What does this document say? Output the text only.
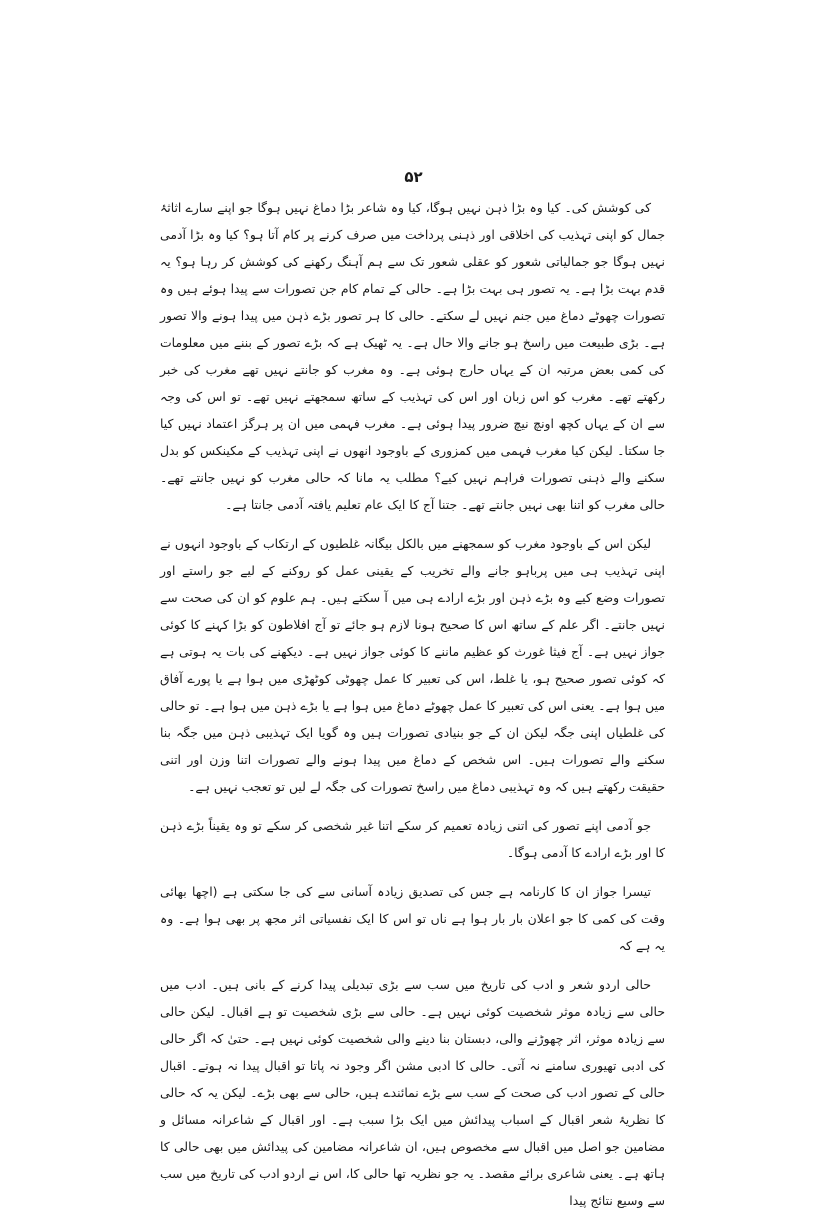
۵۲

کی کوشش کی۔ کیا وہ بڑا ذہن نہیں ہوگا، کیا وہ شاعر بڑا دماغ نہیں ہوگا جو اپنے سارے اثاثۂ جمال کو اپنی تہذیب کی اخلاقی اور ذہنی پرداخت میں صرف کرنے پر کام آتا ہو؟ کیا وہ بڑا آدمی نہیں ہوگا جو جمالیاتی شعور کو عقلی شعور تک سے ہم آہنگ رکھنے کی کوشش کر رہا ہو؟ یہ قدم بہت بڑا ہے۔ یہ تصور ہی بہت بڑا ہے۔ حالی کے تمام کام جن تصورات سے پیدا ہوئے ہیں وہ تصورات چھوٹے دماغ میں جنم نہیں لے سکتے۔ حالی کا ہر تصور بڑے ذہن میں پیدا ہونے والا تصور ہے۔ بڑی طبیعت میں راسخ ہو جانے والا حال ہے۔ یہ ٹھیک ہے کہ بڑے تصور کے بننے میں معلومات کی کمی بعض مرتبہ ان کے یہاں حارج ہوئی ہے۔ وہ مغرب کو جانتے نہیں تھے مغرب کی خبر رکھتے تھے۔ مغرب کو اس زبان اور اس کی تہذیب کے ساتھ سمجھتے نہیں تھے۔ تو اس کی وجہ سے ان کے یہاں کچھ اونچ نیچ ضرور پیدا ہوئی ہے۔ مغرب فہمی میں ان پر ہرگز اعتماد نہیں کیا جا سکتا۔ لیکن کیا مغرب فہمی میں کمزوری کے باوجود انھوں نے اپنی تہذیب کے مکینکس کو بدل سکنے والے ذہنی تصورات فراہم نہیں کیے؟ مطلب یہ مانا کہ حالی مغرب کو نہیں جانتے تھے۔ حالی مغرب کو اتنا بھی نہیں جانتے تھے۔ جتنا آج کا ایک عام تعلیم یافتہ آدمی جانتا ہے۔

لیکن اس کے باوجود مغرب کو سمجھنے میں بالکل بیگانہ غلطیوں کے ارتکاب کے باوجود انہوں نے اپنی تہذیب ہی میں پرباہو جانے والے تخریب کے یقینی عمل کو روکنے کے لیے جو راستے اور تصورات وضع کیے وہ بڑے ذہن اور بڑے ارادے ہی میں آ سکتے ہیں۔ ہم علوم کو ان کی صحت سے نہیں جانتے۔ اگر علم کے ساتھ اس کا صحیح ہونا لازم ہو جائے تو آج افلاطون کو بڑا کہنے کا کوئی جواز نہیں ہے۔ آج فیثا غورث کو عظیم ماننے کا کوئی جواز نہیں ہے۔ دیکھنے کی بات یہ ہوتی ہے کہ کوئی تصور صحیح ہو، یا غلط، اس کی تعبیر کا عمل چھوٹی کوٹھڑی میں ہوا ہے یا پورے آفاق میں ہوا ہے۔ یعنی اس کی تعبیر کا عمل چھوٹے دماغ میں ہوا ہے یا بڑے ذہن میں ہوا ہے۔ تو حالی کی غلطیاں اپنی جگہ لیکن ان کے جو بنیادی تصورات ہیں وہ گویا ایک تہذیبی ذہن میں جگہ بنا سکنے والے تصورات ہیں۔ اس شخص کے دماغ میں پیدا ہونے والے تصورات اتنا وزن اور اتنی حقیقت رکھتے ہیں کہ وہ تہذیبی دماغ میں راسخ تصورات کی جگہ لے لیں تو تعجب نہیں ہے۔

جو آدمی اپنے تصور کی اتنی زیادہ تعمیم کر سکے اتنا غیر شخصی کر سکے تو وہ یقیناً بڑے ذہن کا اور بڑے ارادے کا آدمی ہوگا۔

تیسرا جواز ان کا کارنامہ ہے جس کی تصدیق زیادہ آسانی سے کی جا سکتی ہے (اچھا بھائی وقت کی کمی کا جو اعلان بار بار ہوا ہے ناں تو اس کا ایک نفسیاتی اثر مجھ پر بھی ہوا ہے۔ وہ یہ ہے کہ

حالی اردو شعر و ادب کی تاریخ میں سب سے بڑی تبدیلی پیدا کرنے کے بانی ہیں۔ ادب میں حالی سے زیادہ موثر شخصیت کوئی نہیں ہے۔ حالی سے بڑی شخصیت تو ہے اقبال۔ لیکن حالی سے زیادہ موثر، اثر چھوڑنے والی، دبستان بنا دینے والی شخصیت کوئی نہیں ہے۔ حتیٰ کہ اگر حالی کی ادبی تھیوری سامنے نہ آتی۔ حالی کا ادبی مشن اگر وجود نہ پاتا تو اقبال پیدا نہ ہوتے۔ اقبال حالی کے تصور ادب کی صحت کے سب سے بڑے نمائندے ہیں، حالی سے بھی بڑے۔ لیکن یہ کہ حالی کا نظریۂ شعر اقبال کے اسباب پیدائش میں ایک بڑا سبب ہے۔ اور اقبال کے شاعرانہ مسائل و مضامین جو اصل میں اقبال سے مخصوص ہیں، ان شاعرانہ مضامین کی پیدائش میں بھی حالی کا ہاتھ ہے۔ یعنی شاعری برائے مقصد۔ یہ جو نظریہ تھا حالی کا، اس نے اردو ادب کی تاریخ میں سب سے وسیع نتائج پیدا
